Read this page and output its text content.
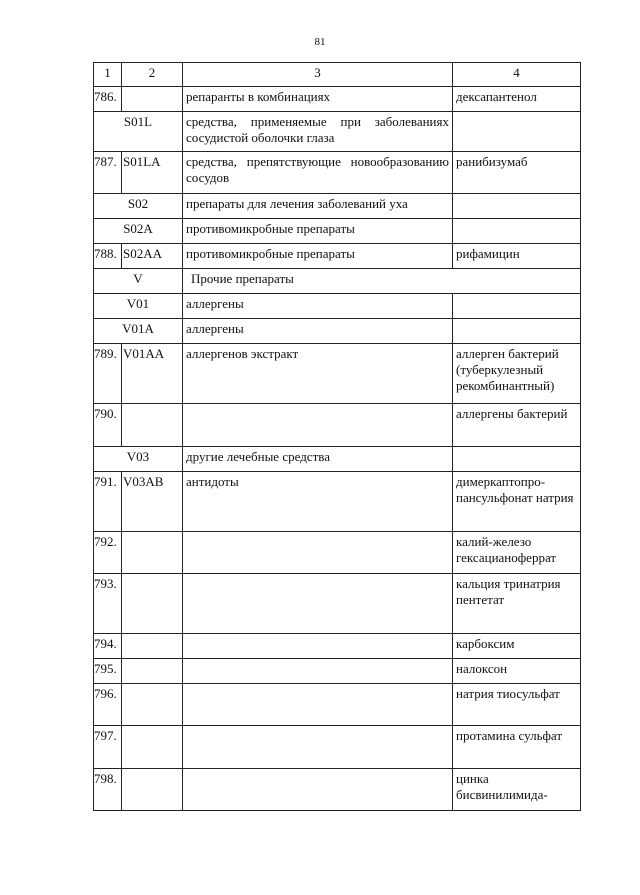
81
1	2	3	4
786.		репаранты в комбинациях	дексапантенол
S01L		средства, применяемые при заболеваниях сосудистой оболочки глаза	
787.	S01LA	средства, препятствующие новообразованию сосудов	ранибизумаб
S02		препараты для лечения заболеваний уха	
S02A		противомикробные препараты	
788.	S02AA	противомикробные препараты	рифамицин
V		Прочие препараты	
V01		аллергены	
V01A		аллергены	
789.	V01AA	аллергенов экстракт	аллерген бактерий (туберкулезный рекомбинантный)
790.			аллергены бактерий
V03		другие лечебные средства	
791.	V03AB	антидоты	димеркаптопро-пансульфонат натрия
792.			калий-железо гексацианоферрат
793.			кальция тринатрия пентетат
794.			карбоксим
795.			налоксон
796.			натрия тиосульфат
797.			протамина сульфат
798.			цинка бисвинилимида-
